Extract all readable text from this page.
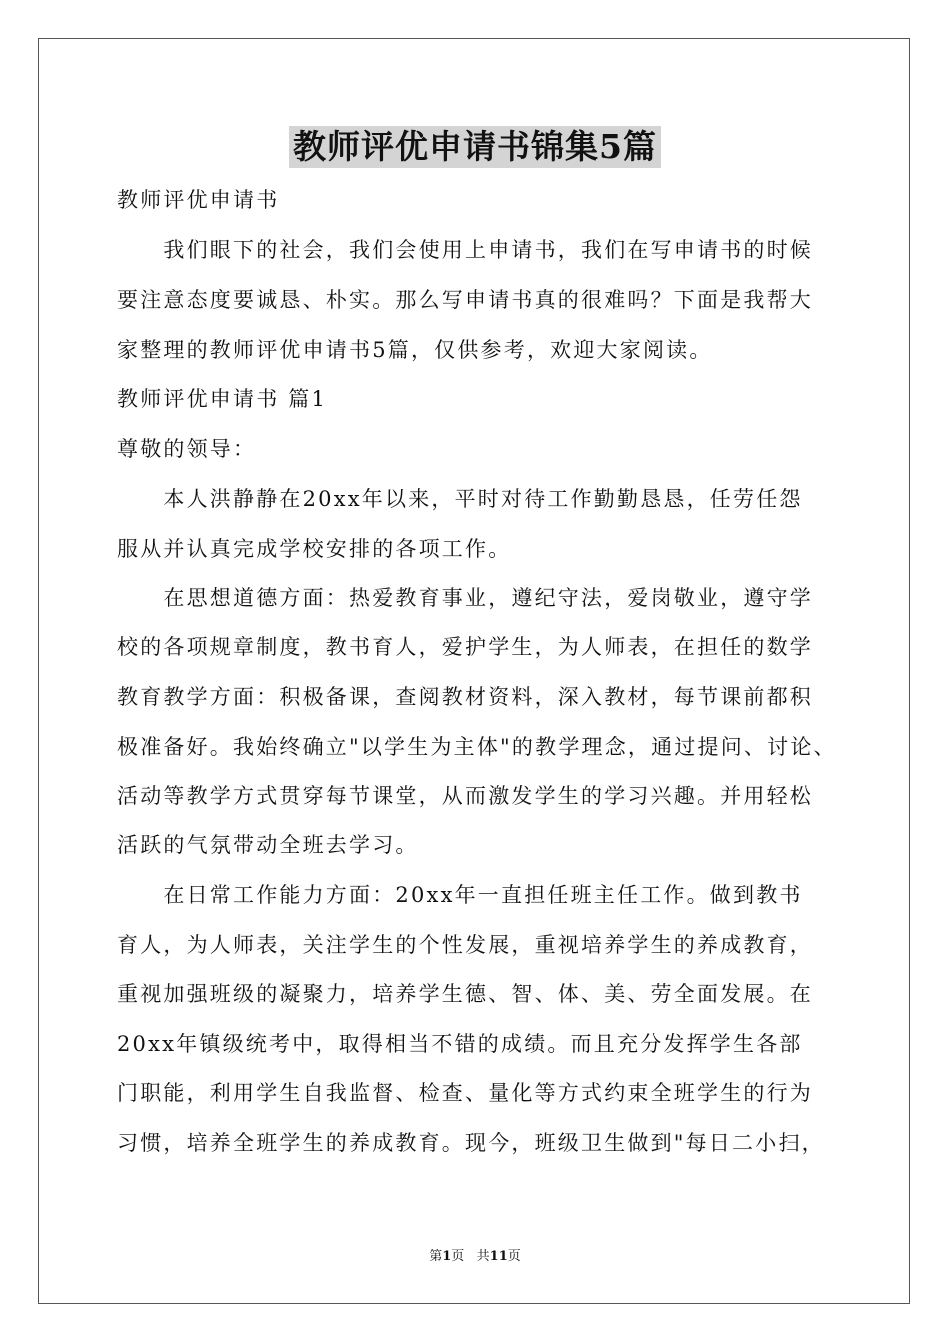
教师评优申请书锦集5篇
教师评优申请书
　　我们眼下的社会，我们会使用上申请书，我们在写申请书的时候
要注意态度要诚恳、朴实。那么写申请书真的很难吗？下面是我帮大
家整理的教师评优申请书5篇，仅供参考，欢迎大家阅读。
教师评优申请书 篇1
尊敬的领导：
　　本人洪静静在20xx年以来，平时对待工作勤勤恳恳，任劳任怨
服从并认真完成学校安排的各项工作。
　　在思想道德方面：热爱教育事业，遵纪守法，爱岗敬业，遵守学
校的各项规章制度，教书育人，爱护学生，为人师表，在担任的数学
教育教学方面：积极备课，查阅教材资料，深入教材，每节课前都积
极准备好。我始终确立"以学生为主体"的教学理念，通过提问、讨论、
活动等教学方式贯穿每节课堂，从而激发学生的学习兴趣。并用轻松
活跃的气氛带动全班去学习。
　　在日常工作能力方面：20xx年一直担任班主任工作。做到教书
育人，为人师表，关注学生的个性发展，重视培养学生的养成教育，
重视加强班级的凝聚力，培养学生德、智、体、美、劳全面发展。在
20xx年镇级统考中，取得相当不错的成绩。而且充分发挥学生各部
门职能，利用学生自我监督、检查、量化等方式约束全班学生的行为
习惯，培养全班学生的养成教育。现今，班级卫生做到"每日二小扫，
第1页   共11页
